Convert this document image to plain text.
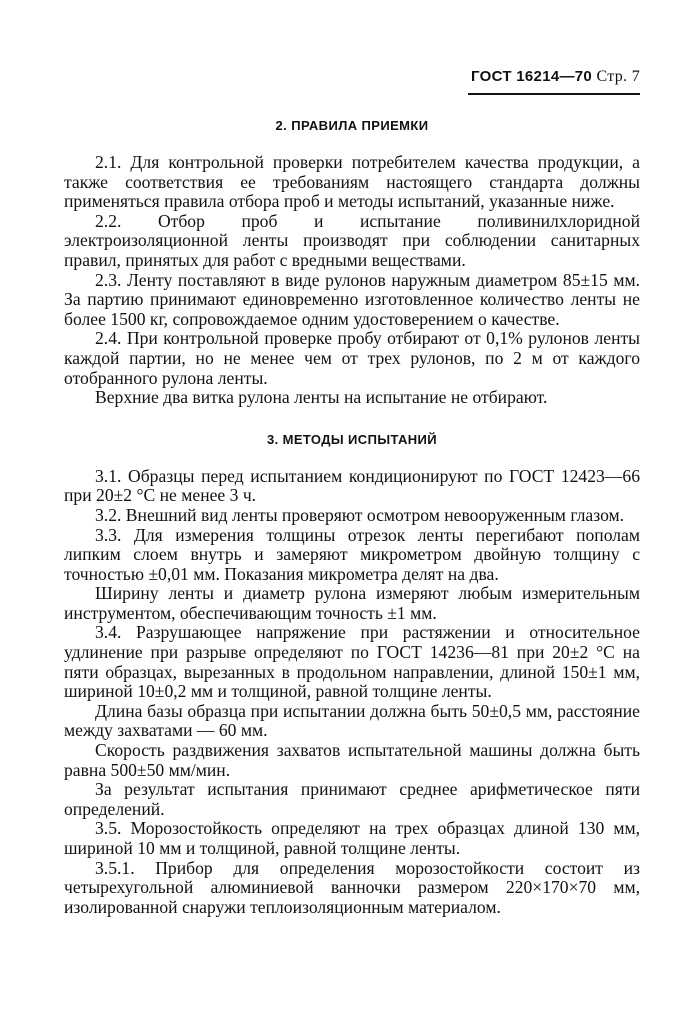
ГОСТ 16214—70 Стр. 7
2. ПРАВИЛА ПРИЕМКИ

2.1. Для контрольной проверки потребителем качества продукции, а также соответствия ее требованиям настоящего стандарта должны применяться правила отбора проб и методы испытаний, указанные ниже.

2.2. Отбор проб и испытание поливинилхлоридной электроизоляционной ленты производят при соблюдении санитарных правил, принятых для работ с вредными веществами.

2.3. Ленту поставляют в виде рулонов наружным диаметром 85±15 мм. За партию принимают единовременно изготовленное количество ленты не более 1500 кг, сопровождаемое одним удостоверением о качестве.

2.4. При контрольной проверке пробу отбирают от 0,1% рулонов ленты каждой партии, но не менее чем от трех рулонов, по 2 м от каждого отобранного рулона ленты.

Верхние два витка рулона ленты на испытание не отбирают.

3. МЕТОДЫ ИСПЫТАНИЙ

3.1. Образцы перед испытанием кондиционируют по ГОСТ 12423—66 при 20±2 °С не менее 3 ч.

3.2. Внешний вид ленты проверяют осмотром невооруженным глазом.

3.3. Для измерения толщины отрезок ленты перегибают пополам липким слоем внутрь и замеряют микрометром двойную толщину с точностью ±0,01 мм. Показания микрометра делят на два.

Ширину ленты и диаметр рулона измеряют любым измерительным инструментом, обеспечивающим точность ±1 мм.

3.4. Разрушающее напряжение при растяжении и относительное удлинение при разрыве определяют по ГОСТ 14236—81 при 20±2 °С на пяти образцах, вырезанных в продольном направлении, длиной 150±1 мм, шириной 10±0,2 мм и толщиной, равной толщине ленты.

Длина базы образца при испытании должна быть 50±0,5 мм, расстояние между захватами — 60 мм.

Скорость раздвижения захватов испытательной машины должна быть равна 500±50 мм/мин.

За результат испытания принимают среднее арифметическое пяти определений.

3.5. Морозостойкость определяют на трех образцах длиной 130 мм, шириной 10 мм и толщиной, равной толщине ленты.

3.5.1. Прибор для определения морозостойкости состоит из четырехугольной алюминиевой ванночки размером 220×170×70 мм, изолированной снаружи теплоизоляционным материалом.
